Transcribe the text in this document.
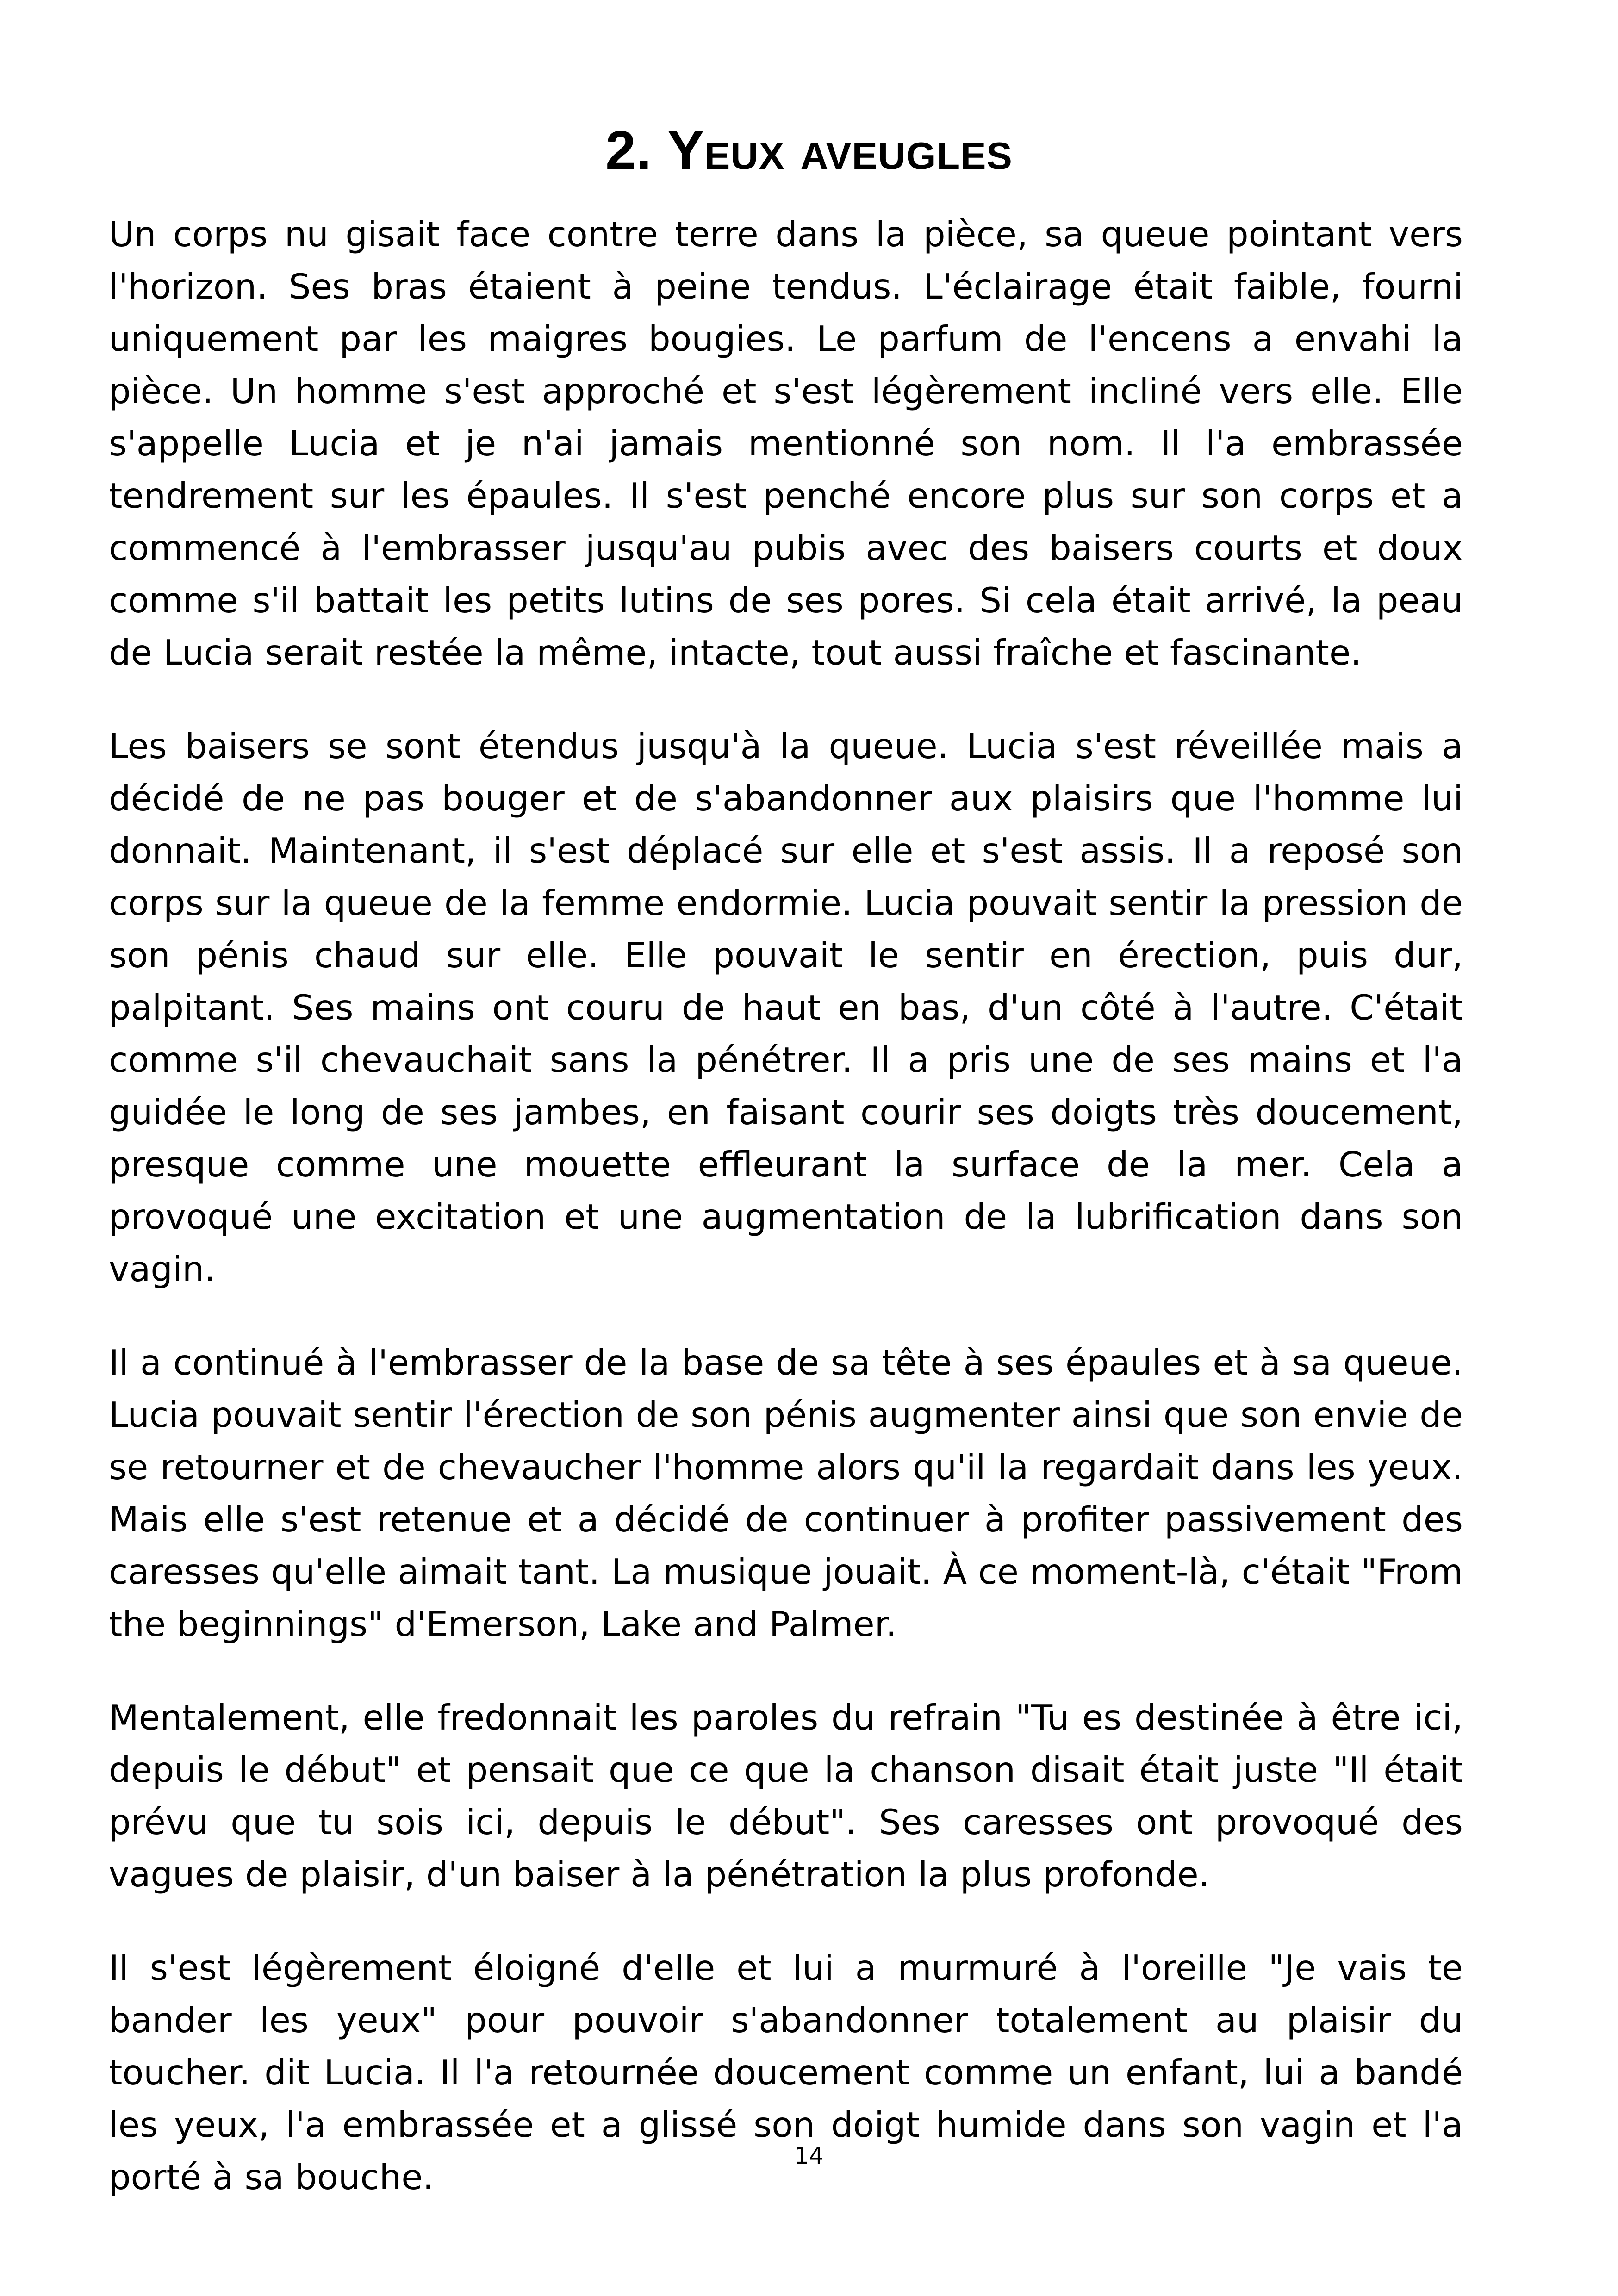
2. Yeux aveugles

Un corps nu gisait face contre terre dans la pièce, sa queue pointant vers l'horizon. Ses bras étaient à peine tendus. L'éclairage était faible, fourni uniquement par les maigres bougies. Le parfum de l'encens a envahi la pièce. Un homme s'est approché et s'est légèrement incliné vers elle. Elle s'appelle Lucia et je n'ai jamais mentionné son nom. Il l'a embrassée tendrement sur les épaules. Il s'est penché encore plus sur son corps et a commencé à l'embrasser jusqu'au pubis avec des baisers courts et doux comme s'il battait les petits lutins de ses pores. Si cela était arrivé, la peau de Lucia serait restée la même, intacte, tout aussi fraîche et fascinante.

Les baisers se sont étendus jusqu'à la queue. Lucia s'est réveillée mais a décidé de ne pas bouger et de s'abandonner aux plaisirs que l'homme lui donnait. Maintenant, il s'est déplacé sur elle et s'est assis. Il a reposé son corps sur la queue de la femme endormie. Lucia pouvait sentir la pression de son pénis chaud sur elle. Elle pouvait le sentir en érection, puis dur, palpitant. Ses mains ont couru de haut en bas, d'un côté à l'autre. C'était comme s'il chevauchait sans la pénétrer. Il a pris une de ses mains et l'a guidée le long de ses jambes, en faisant courir ses doigts très doucement, presque comme une mouette effleurant la surface de la mer. Cela a provoqué une excitation et une augmentation de la lubrification dans son vagin.

Il a continué à l'embrasser de la base de sa tête à ses épaules et à sa queue. Lucia pouvait sentir l'érection de son pénis augmenter ainsi que son envie de se retourner et de chevaucher l'homme alors qu'il la regardait dans les yeux. Mais elle s'est retenue et a décidé de continuer à profiter passivement des caresses qu'elle aimait tant. La musique jouait. À ce moment-là, c'était "From the beginnings" d'Emerson, Lake and Palmer.

Mentalement, elle fredonnait les paroles du refrain "Tu es destinée à être ici, depuis le début" et pensait que ce que la chanson disait était juste "Il était prévu que tu sois ici, depuis le début". Ses caresses ont provoqué des vagues de plaisir, d'un baiser à la pénétration la plus profonde.

Il s'est légèrement éloigné d'elle et lui a murmuré à l'oreille "Je vais te bander les yeux" pour pouvoir s'abandonner totalement au plaisir du toucher. dit Lucia. Il l'a retournée doucement comme un enfant, lui a bandé les yeux, l'a embrassée et a glissé son doigt humide dans son vagin et l'a porté à sa bouche.

14
